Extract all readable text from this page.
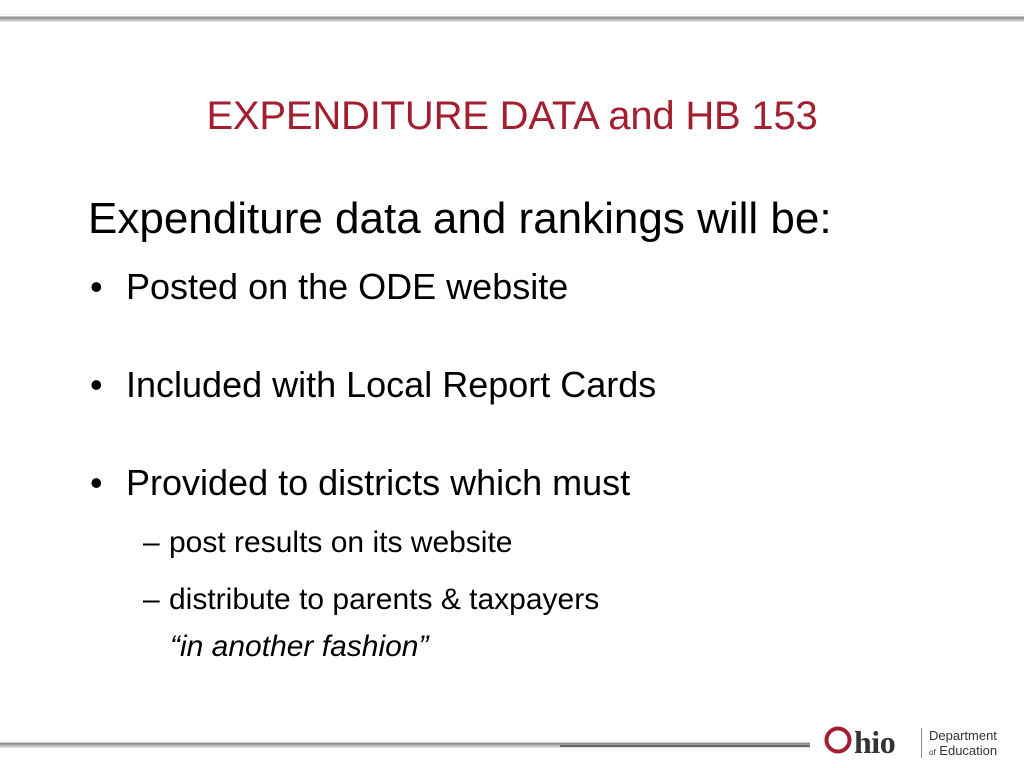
EXPENDITURE DATA and HB 153
Expenditure data and rankings will be:
• Posted on the ODE website
• Included with Local Report Cards
• Provided to districts which must
– post results on its website
– distribute to parents & taxpayers
“in another fashion”
hio	Department
of Education
